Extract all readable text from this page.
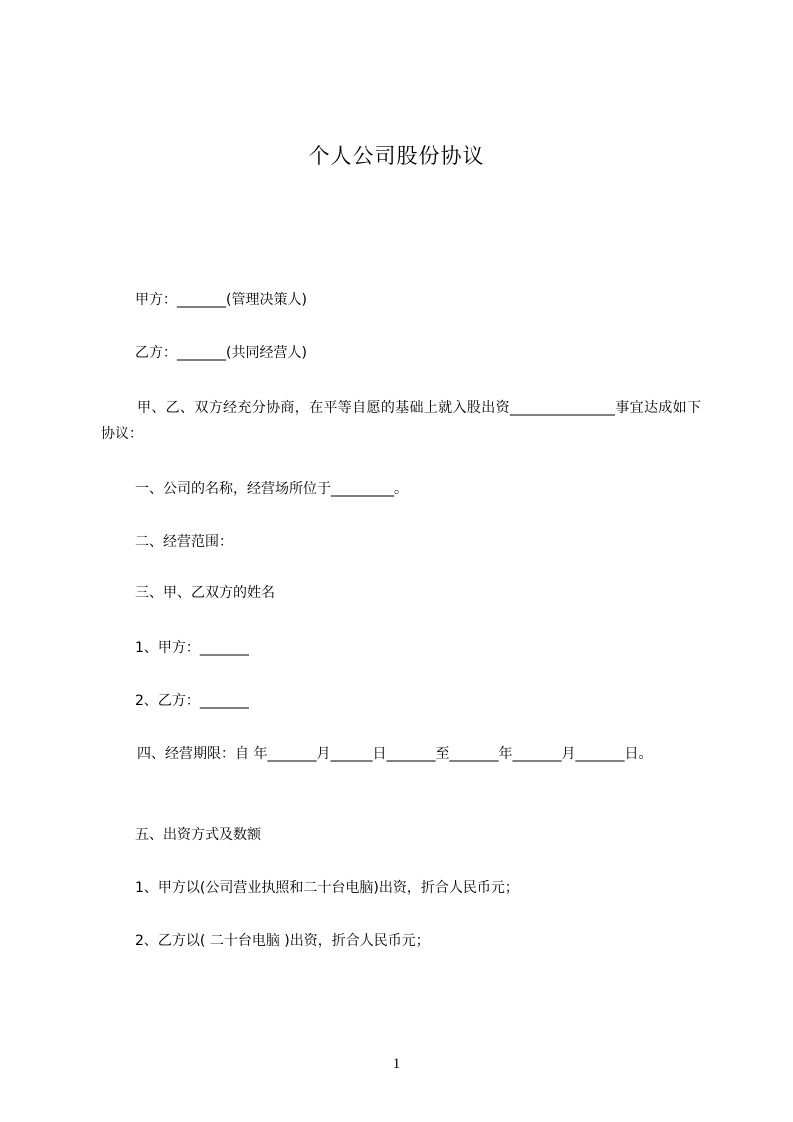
个人公司股份协议

甲方：_______(管理决策人)

乙方：_______(共同经营人)

甲、乙、双方经充分协商，在平等自愿的基础上就入股出资_______________事宜达成如下协议：

一、公司的名称，经营场所位于_________。

二、经营范围：

三、甲、乙双方的姓名

1、甲方：_______

2、乙方：_______

四、经营期限：自 年_______月______日_______至_______年_______月_______日。

五、出资方式及数额

1、甲方以(公司营业执照和二十台电脑)出资，折合人民币元；

2、乙方以( 二十台电脑 )出资，折合人民币元；

1
